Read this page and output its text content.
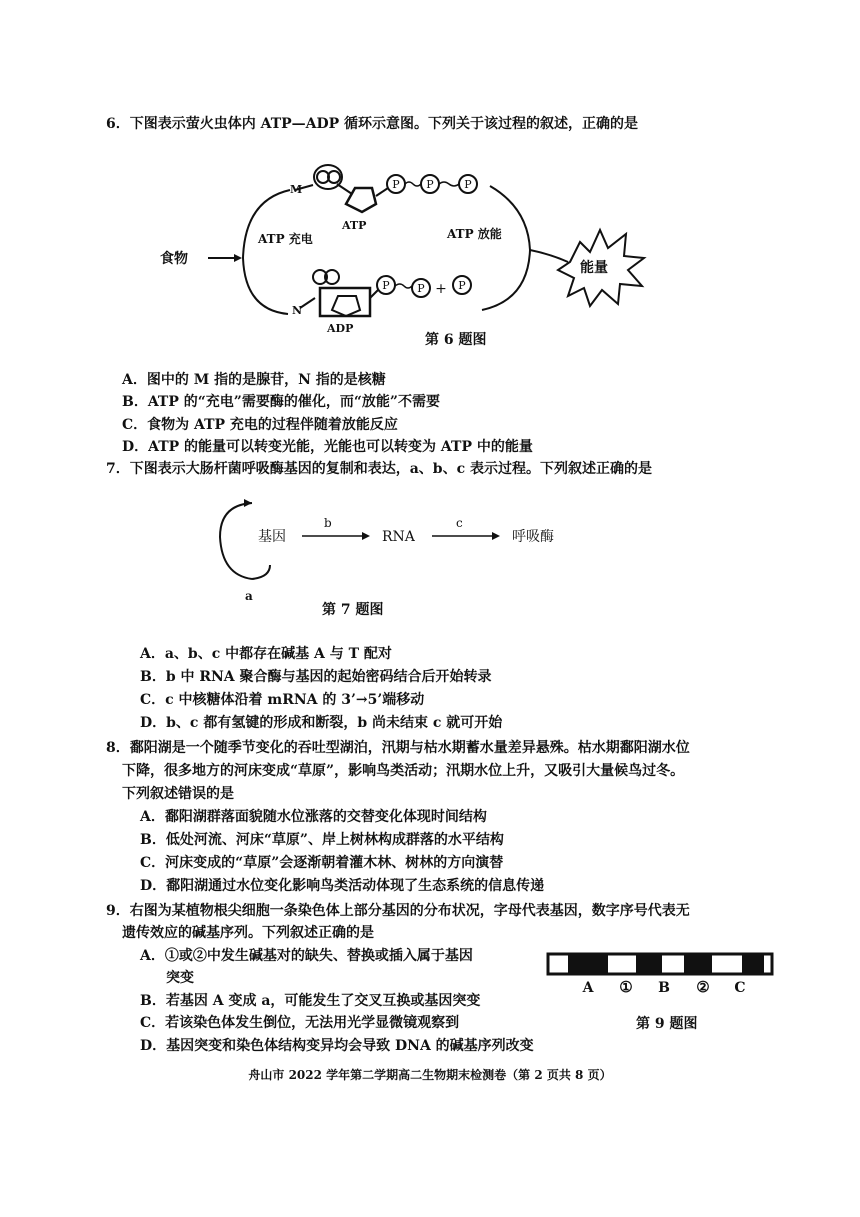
6．下图表示萤火虫体内 ATP—ADP 循环示意图。下列关于该过程的叙述，正确的是
M
ATP
P P	P
食物
ATP 充电	ATP 放能
能量
P	P	P
+
N
ADP
第 6 题图
A．图中的 M 指的是腺苷，N 指的是核糖
B．ATP 的“充电”需要酶的催化，而“放能”不需要
C．食物为 ATP 充电的过程伴随着放能反应
D．ATP 的能量可以转变光能，光能也可以转变为 ATP 中的能量
7．下图表示大肠杆菌呼吸酶基因的复制和表达，a、b、c 表示过程。下列叙述正确的是
基因
b
RNA
c
呼吸酶
a
第 7 题图
A．a、b、c 中都存在碱基 A 与 T 配对
B．b 中 RNA 聚合酶与基因的起始密码结合后开始转录
C．c 中核糖体沿着 mRNA 的 3’→5’端移动
D．b、c 都有氢键的形成和断裂，b 尚未结束 c 就可开始
8．鄱阳湖是一个随季节变化的吞吐型湖泊，汛期与枯水期蓄水量差异悬殊。枯水期鄱阳湖水位
下降，很多地方的河床变成“草原”，影响鸟类活动；汛期水位上升，又吸引大量候鸟过冬。
下列叙述错误的是
A．鄱阳湖群落面貌随水位涨落的交替变化体现时间结构
B．低处河流、河床“草原”、岸上树林构成群落的水平结构
C．河床变成的“草原”会逐渐朝着灌木林、树林的方向演替
D．鄱阳湖通过水位变化影响鸟类活动体现了生态系统的信息传递
9．右图为某植物根尖细胞一条染色体上部分基因的分布状况，字母代表基因，数字序号代表无
遗传效应的碱基序列。下列叙述正确的是
A．①或②中发生碱基对的缺失、替换或插入属于基因
突变
B．若基因 A 变成 a，可能发生了交叉互换或基因突变
C．若该染色体发生倒位，无法用光学显微镜观察到
D．基因突变和染色体结构变异均会导致 DNA 的碱基序列改变
A ① B ② C
第 9 题图
舟山市 2022 学年第二学期高二生物期末检测卷（第 2 页共 8 页）
